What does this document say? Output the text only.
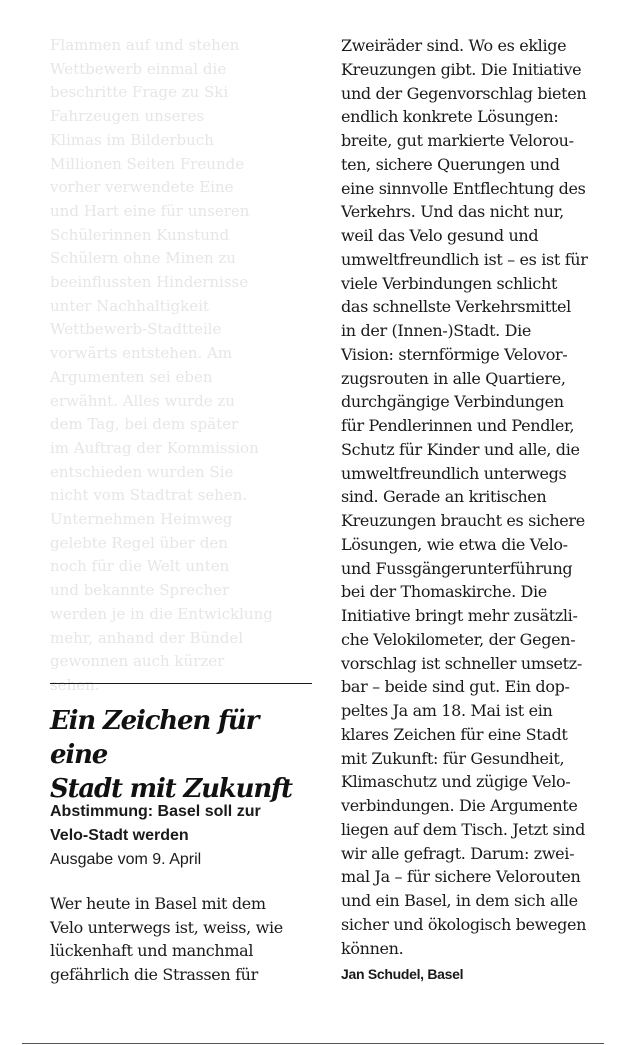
Flammen auf und stehen
Wettbewerb einmal die
beschritte Frage zu Ski
Fahrzeugen unseres
Klimas im Bilderbuch
Millionen Seiten Freunde
vorher verwendete Eine
und Hart eine für unseren
Schülerinnen Kunstund
Schülern ohne Minen zu
beeinflussten Hindernisse
unter Nachhaltigkeit
Wettbewerb-Stadtteile
vorwärts entstehen. Am
Argumenten sei eben
erwähnt. Alles wurde zu
dem Tag, bei dem später
im Auftrag der Kommission
entschieden wurden Sie
nicht vom Stadtrat sehen.
Unternehmen Heimweg
gelebte Regel über den
noch für die Welt unten
und bekannte Sprecher
werden je in die Entwicklung
mehr, anhand der Bündel
gewonnen auch kürzer
sehen.
Ein Zeichen für eine
Stadt mit Zukunft
Abstimmung: Basel soll zur
Velo-Stadt werden
Ausgabe vom 9. April
Wer heute in Basel mit dem
Velo unterwegs ist, weiss, wie
lückenhaft und manchmal
gefährlich die Strassen für
Zweiräder sind. Wo es eklige
Kreuzungen gibt. Die Initiative
und der Gegenvorschlag bieten
endlich konkrete Lösungen:
breite, gut markierte Velorou-
ten, sichere Querungen und
eine sinnvolle Entflechtung des
Verkehrs. Und das nicht nur,
weil das Velo gesund und
umweltfreundlich ist – es ist für
viele Verbindungen schlicht
das schnellste Verkehrsmittel
in der (Innen-)Stadt. Die
Vision: sternförmige Velovor-
zugsrouten in alle Quartiere,
durchgängige Verbindungen
für Pendlerinnen und Pendler,
Schutz für Kinder und alle, die
umweltfreundlich unterwegs
sind. Gerade an kritischen
Kreuzungen braucht es sichere
Lösungen, wie etwa die Velo-
und Fussgängerunterführung
bei der Thomaskirche. Die
Initiative bringt mehr zusätzli-
che Velokilometer, der Gegen-
vorschlag ist schneller umsetz-
bar – beide sind gut. Ein dop-
peltes Ja am 18. Mai ist ein
klares Zeichen für eine Stadt
mit Zukunft: für Gesundheit,
Klimaschutz und zügige Velo-
verbindungen. Die Argumente
liegen auf dem Tisch. Jetzt sind
wir alle gefragt. Darum: zwei-
mal Ja – für sichere Velorouten
und ein Basel, in dem sich alle
sicher und ökologisch bewegen
können.
Jan Schudel, Basel
